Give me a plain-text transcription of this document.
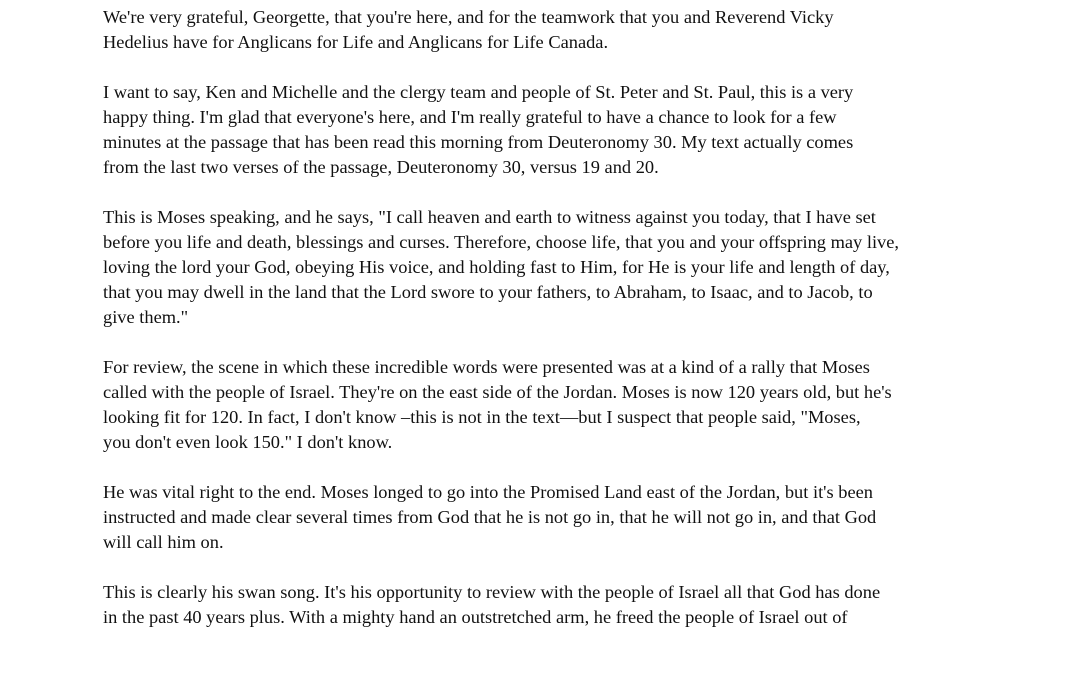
We're very grateful, Georgette, that you're here, and for the teamwork that you and Reverend Vicky
Hedelius have for Anglicans for Life and Anglicans for Life Canada.

I want to say, Ken and Michelle and the clergy team and people of St. Peter and St. Paul, this is a very
happy thing. I'm glad that everyone's here, and I'm really grateful to have a chance to look for a few
minutes at the passage that has been read this morning from Deuteronomy 30. My text actually comes
from the last two verses of the passage, Deuteronomy 30, versus 19 and 20.

This is Moses speaking, and he says, "I call heaven and earth to witness against you today, that I have set
before you life and death, blessings and curses. Therefore, choose life, that you and your offspring may live,
loving the lord your God, obeying His voice, and holding fast to Him, for He is your life and length of day,
that you may dwell in the land that the Lord swore to your fathers, to Abraham, to Isaac, and to Jacob, to
give them."

For review, the scene in which these incredible words were presented was at a kind of a rally that Moses
called with the people of Israel. They're on the east side of the Jordan. Moses is now 120 years old, but he's
looking fit for 120. In fact, I don't know –this is not in the text—but I suspect that people said, "Moses,
you don't even look 150." I don't know.

He was vital right to the end. Moses longed to go into the Promised Land east of the Jordan, but it's been
instructed and made clear several times from God that he is not go in, that he will not go in, and that God
will call him on.

This is clearly his swan song. It's his opportunity to review with the people of Israel all that God has done
in the past 40 years plus. With a mighty hand an outstretched arm, he freed the people of Israel out of
